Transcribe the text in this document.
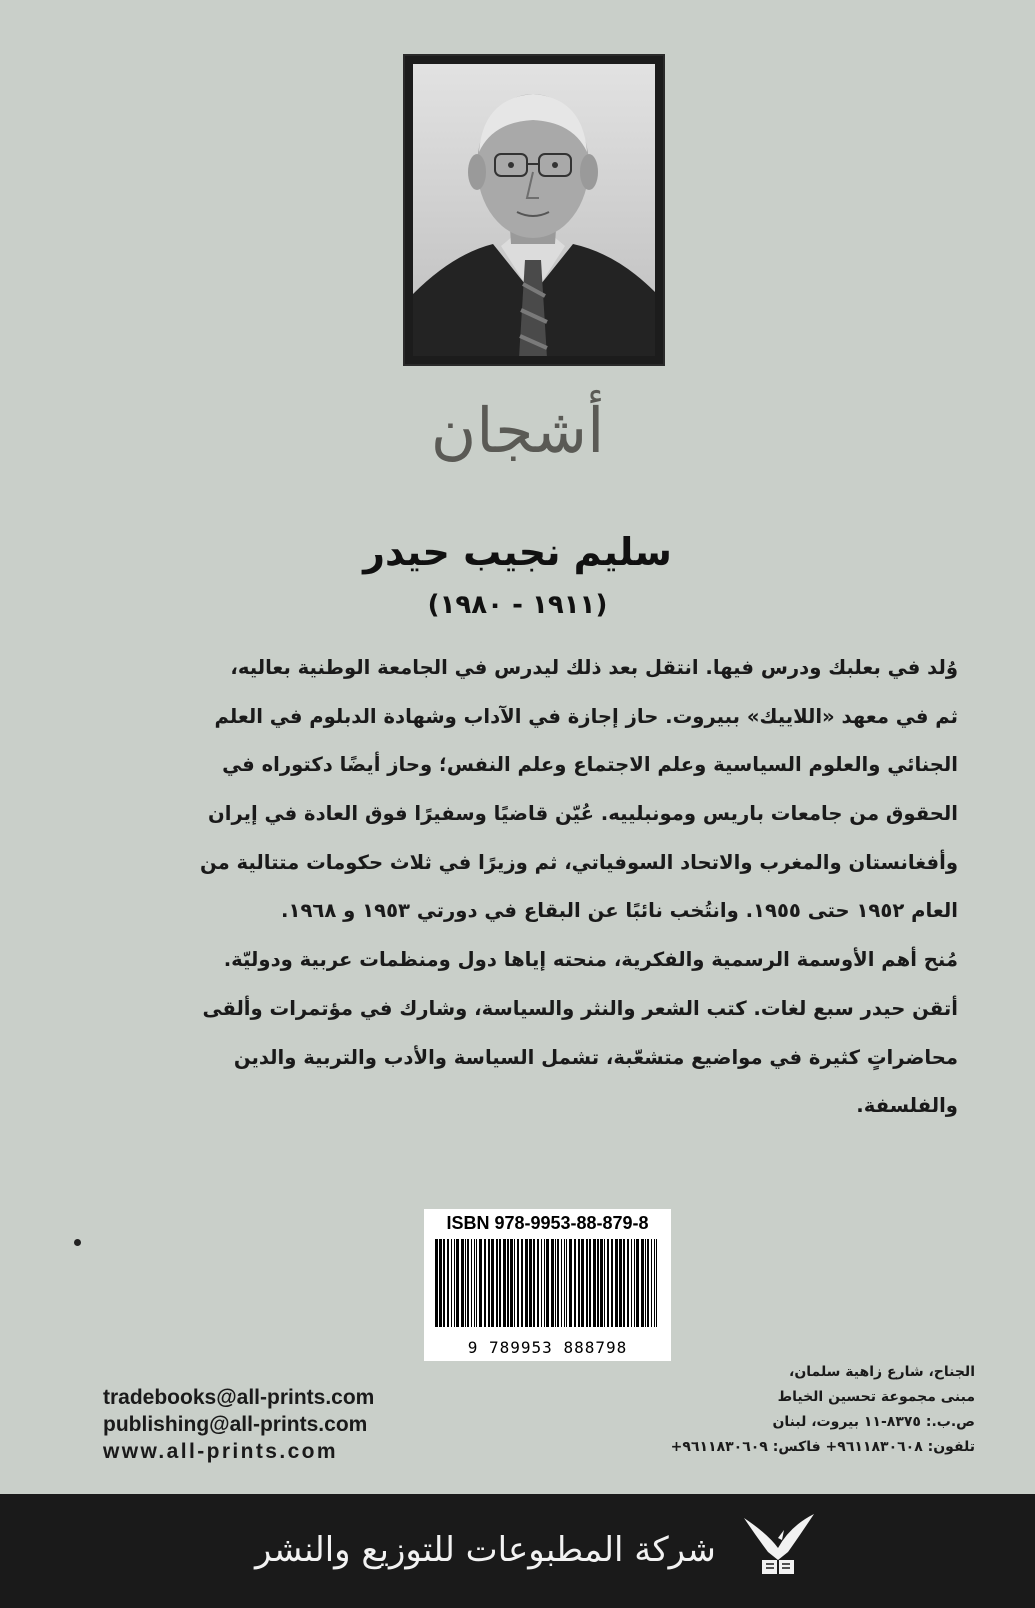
أشجان
سليم نجيب حيدر
(١٩١١ - ١٩٨٠)
وُلد في بعلبك ودرس فيها. انتقل بعد ذلك ليدرس في الجامعة الوطنية بعاليه،
ثم في معهد «اللاييك» ببيروت. حاز إجازة في الآداب وشهادة الدبلوم في العلم
الجنائي والعلوم السياسية وعلم الاجتماع وعلم النفس؛ وحاز أيضًا دكتوراه في
الحقوق من جامعات باريس ومونبلييه. عُيّن قاضيًا وسفيرًا فوق العادة في إيران
وأفغانستان والمغرب والاتحاد السوفياتي، ثم وزيرًا في ثلاث حكومات متتالية من
العام ١٩٥٢ حتى ١٩٥٥. وانتُخب نائبًا عن البقاع في دورتي ١٩٥٣ و ١٩٦٨.
مُنح أهم الأوسمة الرسمية والفكرية، منحته إياها دول ومنظمات عربية ودوليّة.
أتقن حيدر سبع لغات. كتب الشعر والنثر والسياسة، وشارك في مؤتمرات وألقى
محاضراتٍ كثيرة في مواضيع متشعّبة، تشمل السياسة والأدب والتربية والدين
والفلسفة.
ISBN 978-9953-88-879-8
9 789953 888798
tradebooks@all-prints.com
publishing@all-prints.com
www.all-prints.com
الجناح، شارع زاهية سلمان،
مبنى مجموعة تحسين الخياط
ص.ب.: ٨٣٧٥-١١ بيروت، لبنان
تلفون: ٩٦١١٨٣٠٦٠٨+ فاكس: ٩٦١١٨٣٠٦٠٩+
شركة المطبوعات للتوزيع والنشر
